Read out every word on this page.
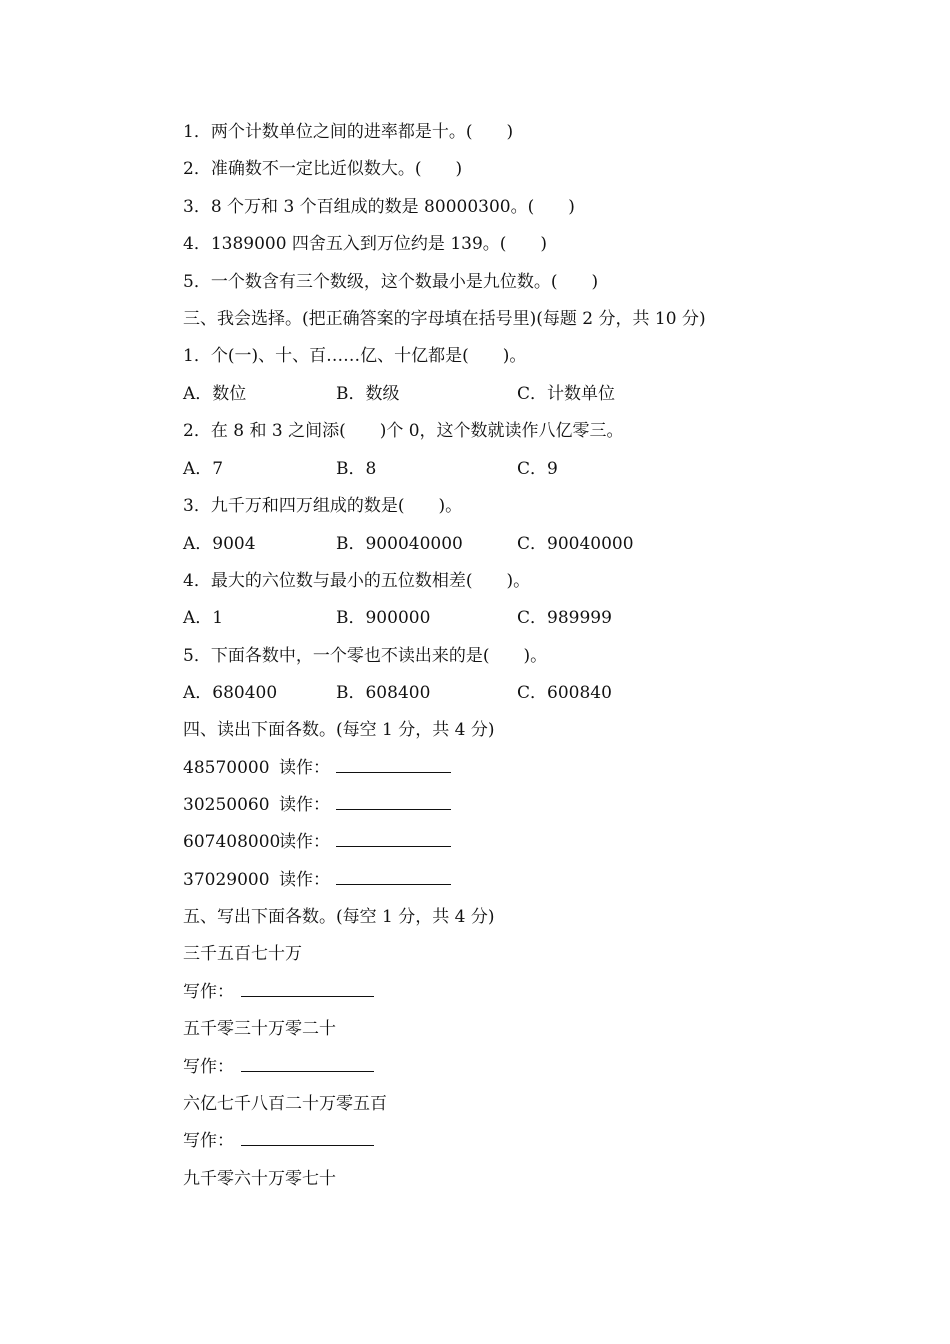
1．两个计数单位之间的进率都是十。(　　)
2．准确数不一定比近似数大。(　　)
3．8 个万和 3 个百组成的数是 80000300。(　　)
4．1389000 四舍五入到万位约是 139。(　　)
5．一个数含有三个数级，这个数最小是九位数。(　　)
三、我会选择。(把正确答案的字母填在括号里)(每题 2 分，共 10 分)
1．个(一)、十、百……亿、十亿都是(　　)。

A．数位

	B．数级

	C．计数单位

2．在 8 和 3 之间添(　　)个 0，这个数就读作八亿零三。

A．7

	B．8

	C．9

3．九千万和四万组成的数是(　　)。

A．9004

	B．900040000

	C．90040000

4．最大的六位数与最小的五位数相差(　　)。

A．1

	B．900000

	C．989999

5．下面各数中，一个零也不读出来的是(　　)。

A．680400

	B．608400

	C．600840

四、读出下面各数。(每空 1 分，共 4 分)

48570000

读作：

30250060

读作：

607408000

读作：

37029000

读作：

五、写出下面各数。(每空 1 分，共 4 分)
三千五百七十万

写作：

五千零三十万零二十

写作：

六亿七千八百二十万零五百

写作：

九千零六十万零七十
